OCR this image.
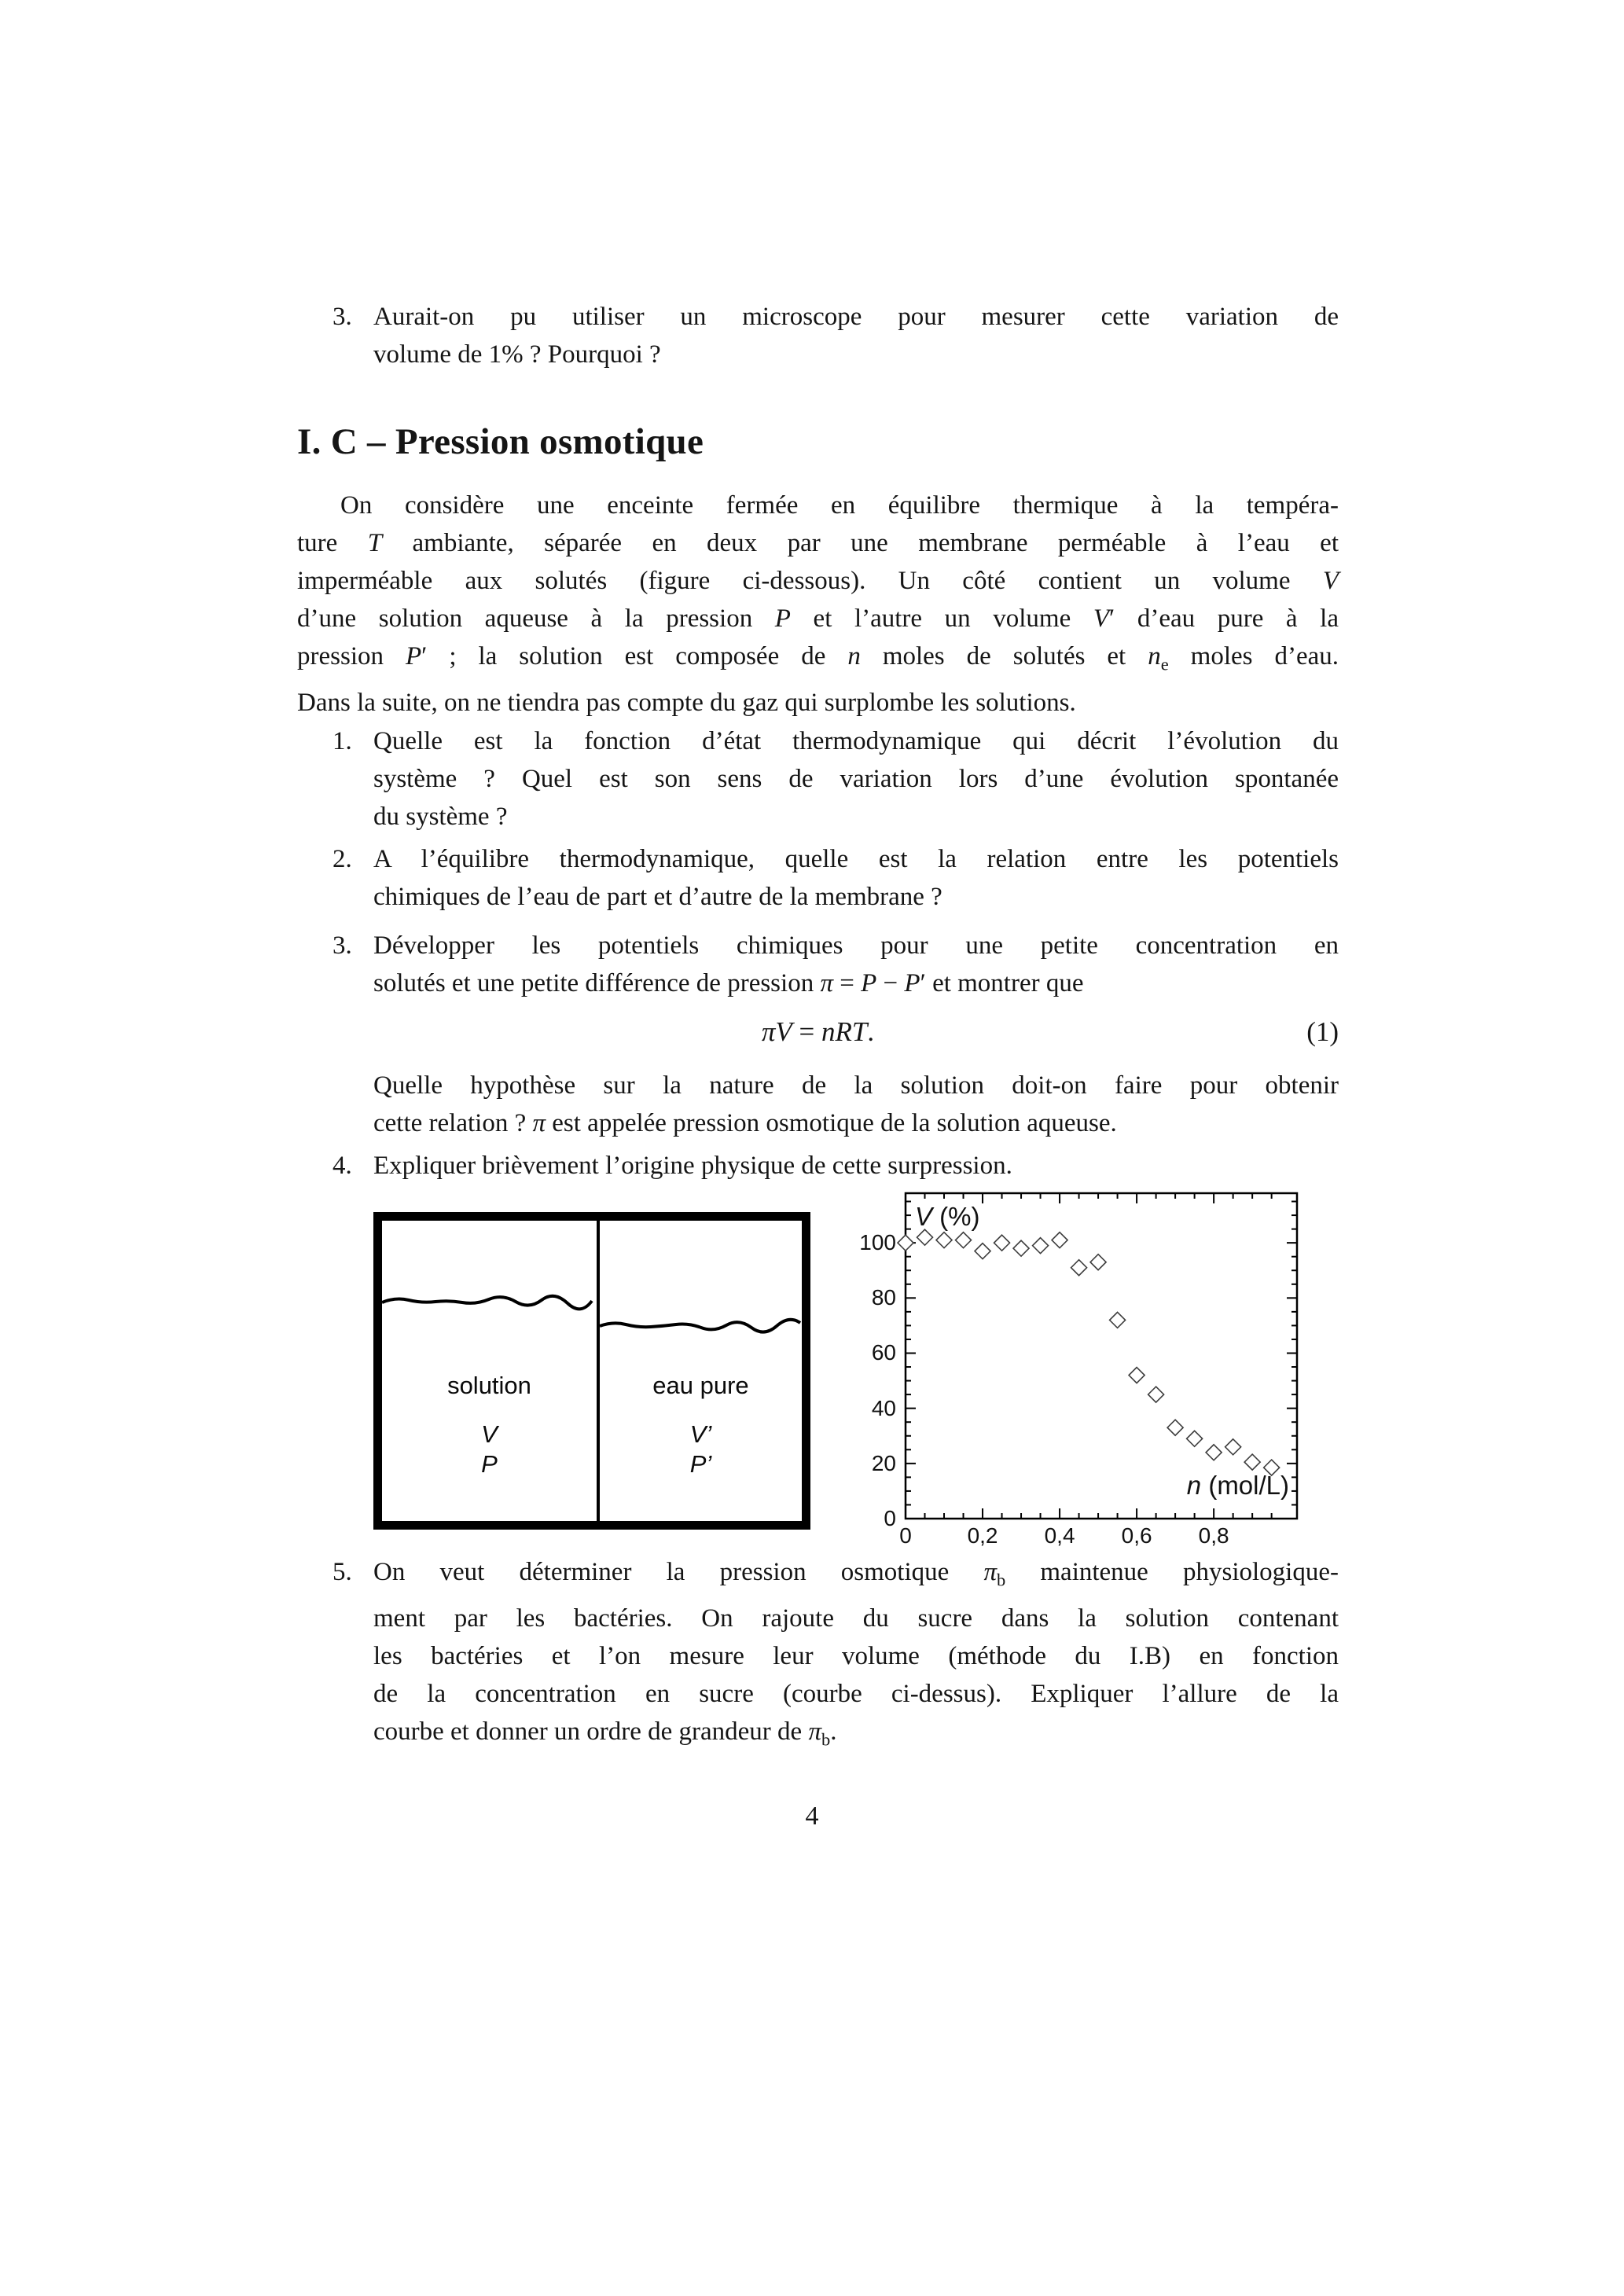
3. Aurait-on pu utiliser un microscope pour mesurer cette variation de
volume de 1% ? Pourquoi ?
I. C – Pression osmotique
On considère une enceinte fermée en équilibre thermique à la tempéra-
ture T ambiante, séparée en deux par une membrane perméable à l’eau et
imperméable aux solutés (figure ci-dessous). Un côté contient un volume V
d’une solution aqueuse à la pression P et l’autre un volume V′ d’eau pure à la
pression P′ ; la solution est composée de n moles de solutés et $n_e$ moles d’eau.
Dans la suite, on ne tiendra pas compte du gaz qui surplombe les solutions.
1. Quelle est la fonction d’état thermodynamique qui décrit l’évolution du
système ? Quel est son sens de variation lors d’une évolution spontanée
du système ?
2. A l’équilibre thermodynamique, quelle est la relation entre les potentiels
chimiques de l’eau de part et d’autre de la membrane ?
3. Développer les potentiels chimiques pour une petite concentration en
solutés et une petite différence de pression π = P − P′ et montrer que
πV = nRT.	(1)
Quelle hypothèse sur la nature de la solution doit-on faire pour obtenir
cette relation ? π est appelée pression osmotique de la solution aqueuse.
4. Expliquer brièvement l’origine physique de cette surpression.
solution	eau pure
V	V’
P	P’
V (%)
n (mol/L)
0	0,2	0,4	0,6	0,8
0
20
40
60
80
100
5. On veut déterminer la pression osmotique $\pi_b$ maintenue physiologique-
ment par les bactéries. On rajoute du sucre dans la solution contenant
les bactéries et l’on mesure leur volume (méthode du I.B) en fonction
de la concentration en sucre (courbe ci-dessus). Expliquer l’allure de la
courbe et donner un ordre de grandeur de $\pi_b$.
4
